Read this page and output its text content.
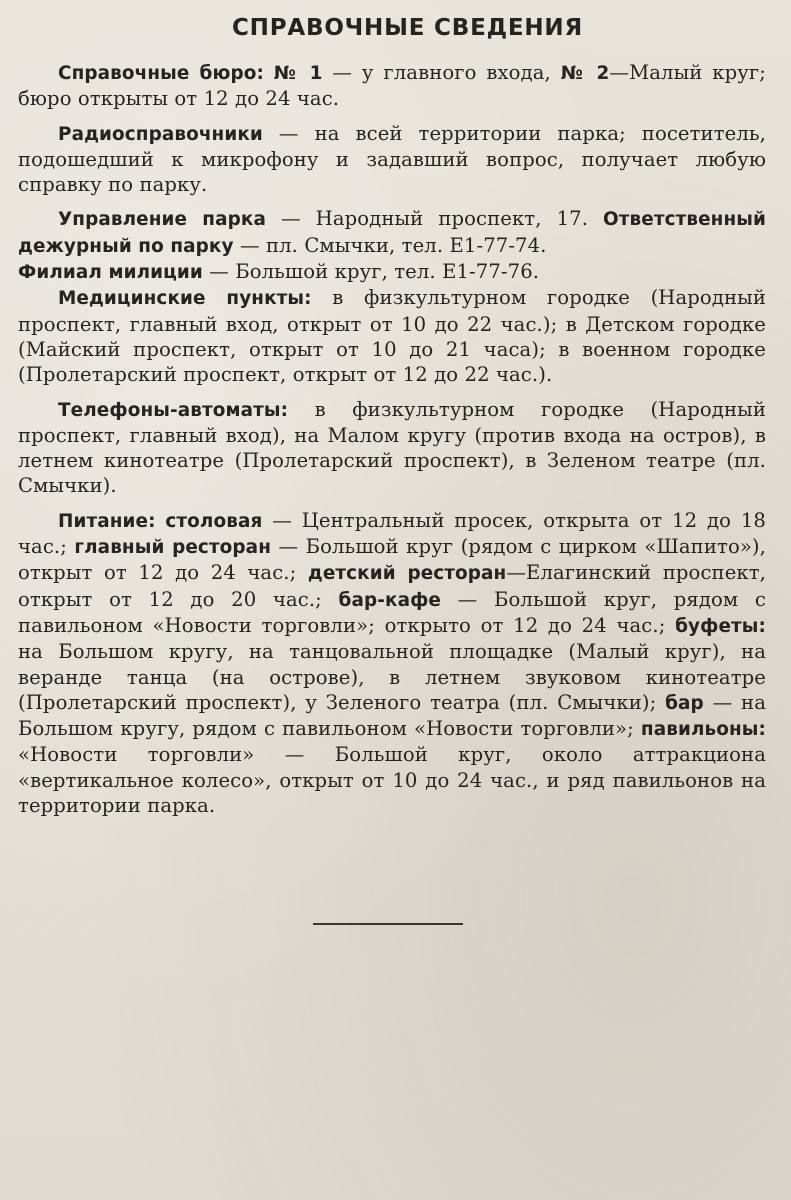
СПРАВОЧНЫЕ СВЕДЕНИЯ

Справочные бюро: № 1 — у главного входа, № 2—Малый круг; бюро открыты от 12 до 24 час.

Радиосправочники — на всей территории парка; посетитель, подошедший к микрофону и задавший вопрос, получает любую справку по парку.

Управление парка — Народный проспект, 17. Ответственный дежурный по парку — пл. Смычки, тел. Е1-77-74.

Филиал милиции — Большой круг, тел. Е1-77-76.

Медицинские пункты: в физкультурном городке (Народный проспект, главный вход, открыт от 10 до 22 час.); в Детском городке (Майский проспект, открыт от 10 до 21 часа); в военном городке (Пролетарский проспект, открыт от 12 до 22 час.).

Телефоны-автоматы: в физкультурном городке (Народный проспект, главный вход), на Малом кругу (против входа на остров), в летнем кинотеатре (Пролетарский проспект), в Зеленом театре (пл. Смычки).

Питание: столовая — Центральный просек, открыта от 12 до 18 час.; главный ресторан — Большой круг (рядом с цирком «Шапито»), открыт от 12 до 24 час.; детский ресторан—Елагинский проспект, открыт от 12 до 20 час.; бар-кафе — Большой круг, рядом с павильоном «Новости торговли»; открыто от 12 до 24 час.; буфеты: на Большом кругу, на танцовальной площадке (Малый круг), на веранде танца (на острове), в летнем звуковом кинотеатре (Пролетарский проспект), у Зеленого театра (пл. Смычки); бар — на Большом кругу, рядом с павильоном «Новости торговли»; павильоны: «Новости торговли» — Большой круг, около аттракциона «вертикальное колесо», открыт от 10 до 24 час., и ряд павильонов на территории парка.
